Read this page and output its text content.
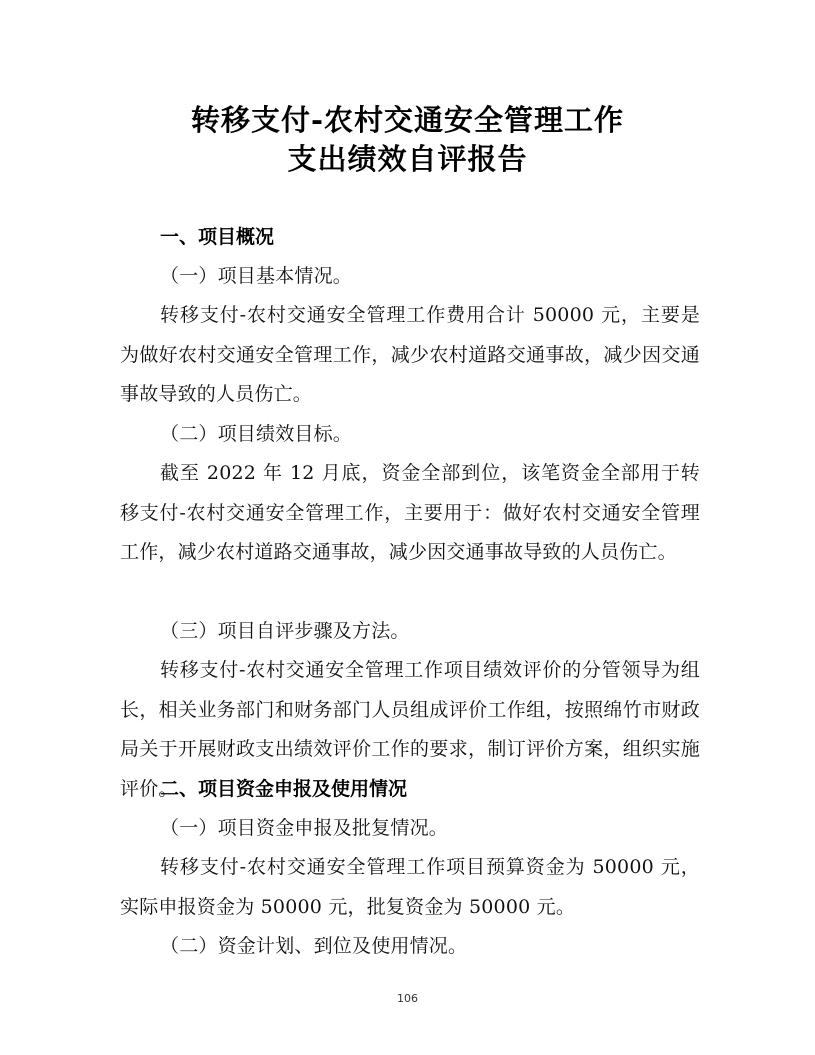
转移支付-农村交通安全管理工作
支出绩效自评报告
一、项目概况
（一）项目基本情况。
转移支付-农村交通安全管理工作费用合计 50000 元，主要是为做好农村交通安全管理工作，减少农村道路交通事故，减少因交通事故导致的人员伤亡。
（二）项目绩效目标。
截至 2022 年 12 月底，资金全部到位，该笔资金全部用于转移支付-农村交通安全管理工作，主要用于：做好农村交通安全管理工作，减少农村道路交通事故，减少因交通事故导致的人员伤亡。
（三）项目自评步骤及方法。
转移支付-农村交通安全管理工作项目绩效评价的分管领导为组长，相关业务部门和财务部门人员组成评价工作组，按照绵竹市财政局关于开展财政支出绩效评价工作的要求，制订评价方案，组织实施评价。
二、项目资金申报及使用情况
（一）项目资金申报及批复情况。
转移支付-农村交通安全管理工作项目预算资金为 50000 元，实际申报资金为 50000 元，批复资金为 50000 元。
（二）资金计划、到位及使用情况。
106
